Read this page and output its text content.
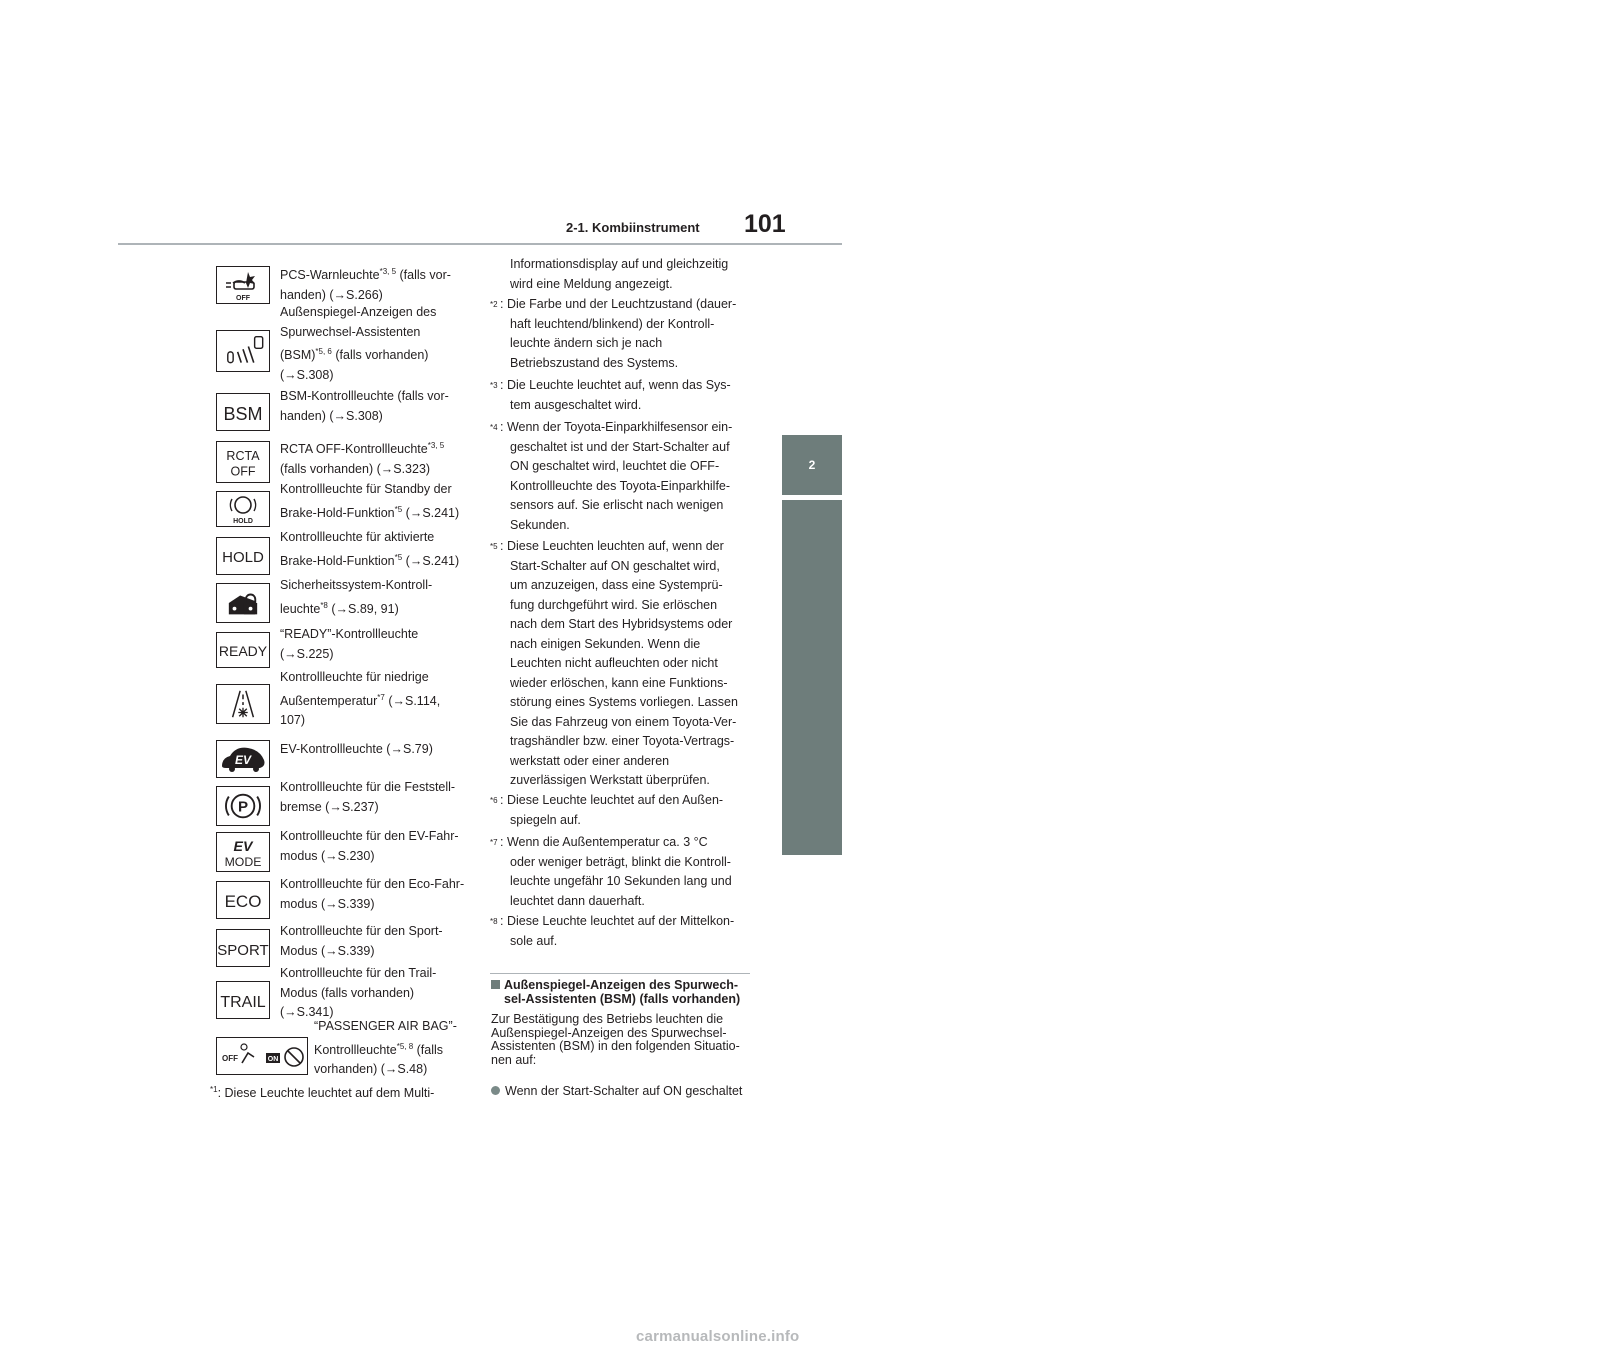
2-1. Kombiinstrument 101
2
Informationen und Kontrollleuchten zum Fahrzeugzustand
OFF
BSM
RCTA
OFF
HOLD
HOLD
READY
EV
P
EV
MODE
ECO
SPORT
TRAIL
OFF	ON
PCS-Warnleuchte$^{*3, 5}$ (falls vor-
handen) (→S.266)
Außenspiegel-Anzeigen des
Spurwechsel-Assistenten
(BSM)$^{*5, 6}$ (falls vorhanden)
(→S.308)
BSM-Kontrollleuchte (falls vor-
handen) (→S.308)
RCTA OFF-Kontrollleuchte$^{*3, 5}$
(falls vorhanden) (→S.323)
Kontrollleuchte für Standby der
Brake-Hold-Funktion$^{*5}$ (→S.241)
Kontrollleuchte für aktivierte
Brake-Hold-Funktion$^{*5}$ (→S.241)
Sicherheitssystem-Kontroll-
leuchte$^{*8}$ (→S.89, 91)
“READY”-Kontrollleuchte
(→S.225)
Kontrollleuchte für niedrige
Außentemperatur$^{*7}$ (→S.114,
107)
EV-Kontrollleuchte (→S.79)
Kontrollleuchte für die Feststell-
bremse (→S.237)
Kontrollleuchte für den EV-Fahr-
modus (→S.230)
Kontrollleuchte für den Eco-Fahr-
modus (→S.339)
Kontrollleuchte für den Sport-
Modus (→S.339)
Kontrollleuchte für den Trail-
Modus (falls vorhanden)
(→S.341)
“PASSENGER AIR BAG”-
Kontrollleuchte$^{*5, 8}$ (falls
vorhanden) (→S.48)
$^{*1}$: Diese Leuchte leuchtet auf dem Multi-
Informationsdisplay auf und gleichzeitig
wird eine Meldung angezeigt.
$^{*2}$ : Die Farbe und der Leuchtzustand (dauer-
haft leuchtend/blinkend) der Kontroll-
leuchte ändern sich je nach
Betriebszustand des Systems.
$^{*3}$ : Die Leuchte leuchtet auf, wenn das Sys-
tem ausgeschaltet wird.
$^{*4}$ : Wenn der Toyota-Einparkhilfesensor ein-
geschaltet ist und der Start-Schalter auf
ON geschaltet wird, leuchtet die OFF-
Kontrollleuchte des Toyota-Einparkhilfe-
sensors auf. Sie erlischt nach wenigen
Sekunden.
$^{*5}$ : Diese Leuchten leuchten auf, wenn der
Start-Schalter auf ON geschaltet wird,
um anzuzeigen, dass eine Systemprü-
fung durchgeführt wird. Sie erlöschen
nach dem Start des Hybridsystems oder
nach einigen Sekunden. Wenn die
Leuchten nicht aufleuchten oder nicht
wieder erlöschen, kann eine Funktions-
störung eines Systems vorliegen. Lassen
Sie das Fahrzeug von einem Toyota-Ver-
tragshändler bzw. einer Toyota-Vertrags-
werkstatt oder einer anderen
zuverlässigen Werkstatt überprüfen.
$^{*6}$ : Diese Leuchte leuchtet auf den Außen-
spiegeln auf.
$^{*7}$ : Wenn die Außentemperatur ca. 3 °C
oder weniger beträgt, blinkt die Kontroll-
leuchte ungefähr 10 Sekunden lang und
leuchtet dann dauerhaft.
$^{*8}$ : Diese Leuchte leuchtet auf der Mittelkon-
sole auf.
Außenspiegel-Anzeigen des Spurwech-
sel-Assistenten (BSM) (falls vorhanden)
Zur Bestätigung des Betriebs leuchten die
Außenspiegel-Anzeigen des Spurwechsel-
Assistenten (BSM) in den folgenden Situatio-
nen auf:
Wenn der Start-Schalter auf ON geschaltet
carmanualsonline.info
